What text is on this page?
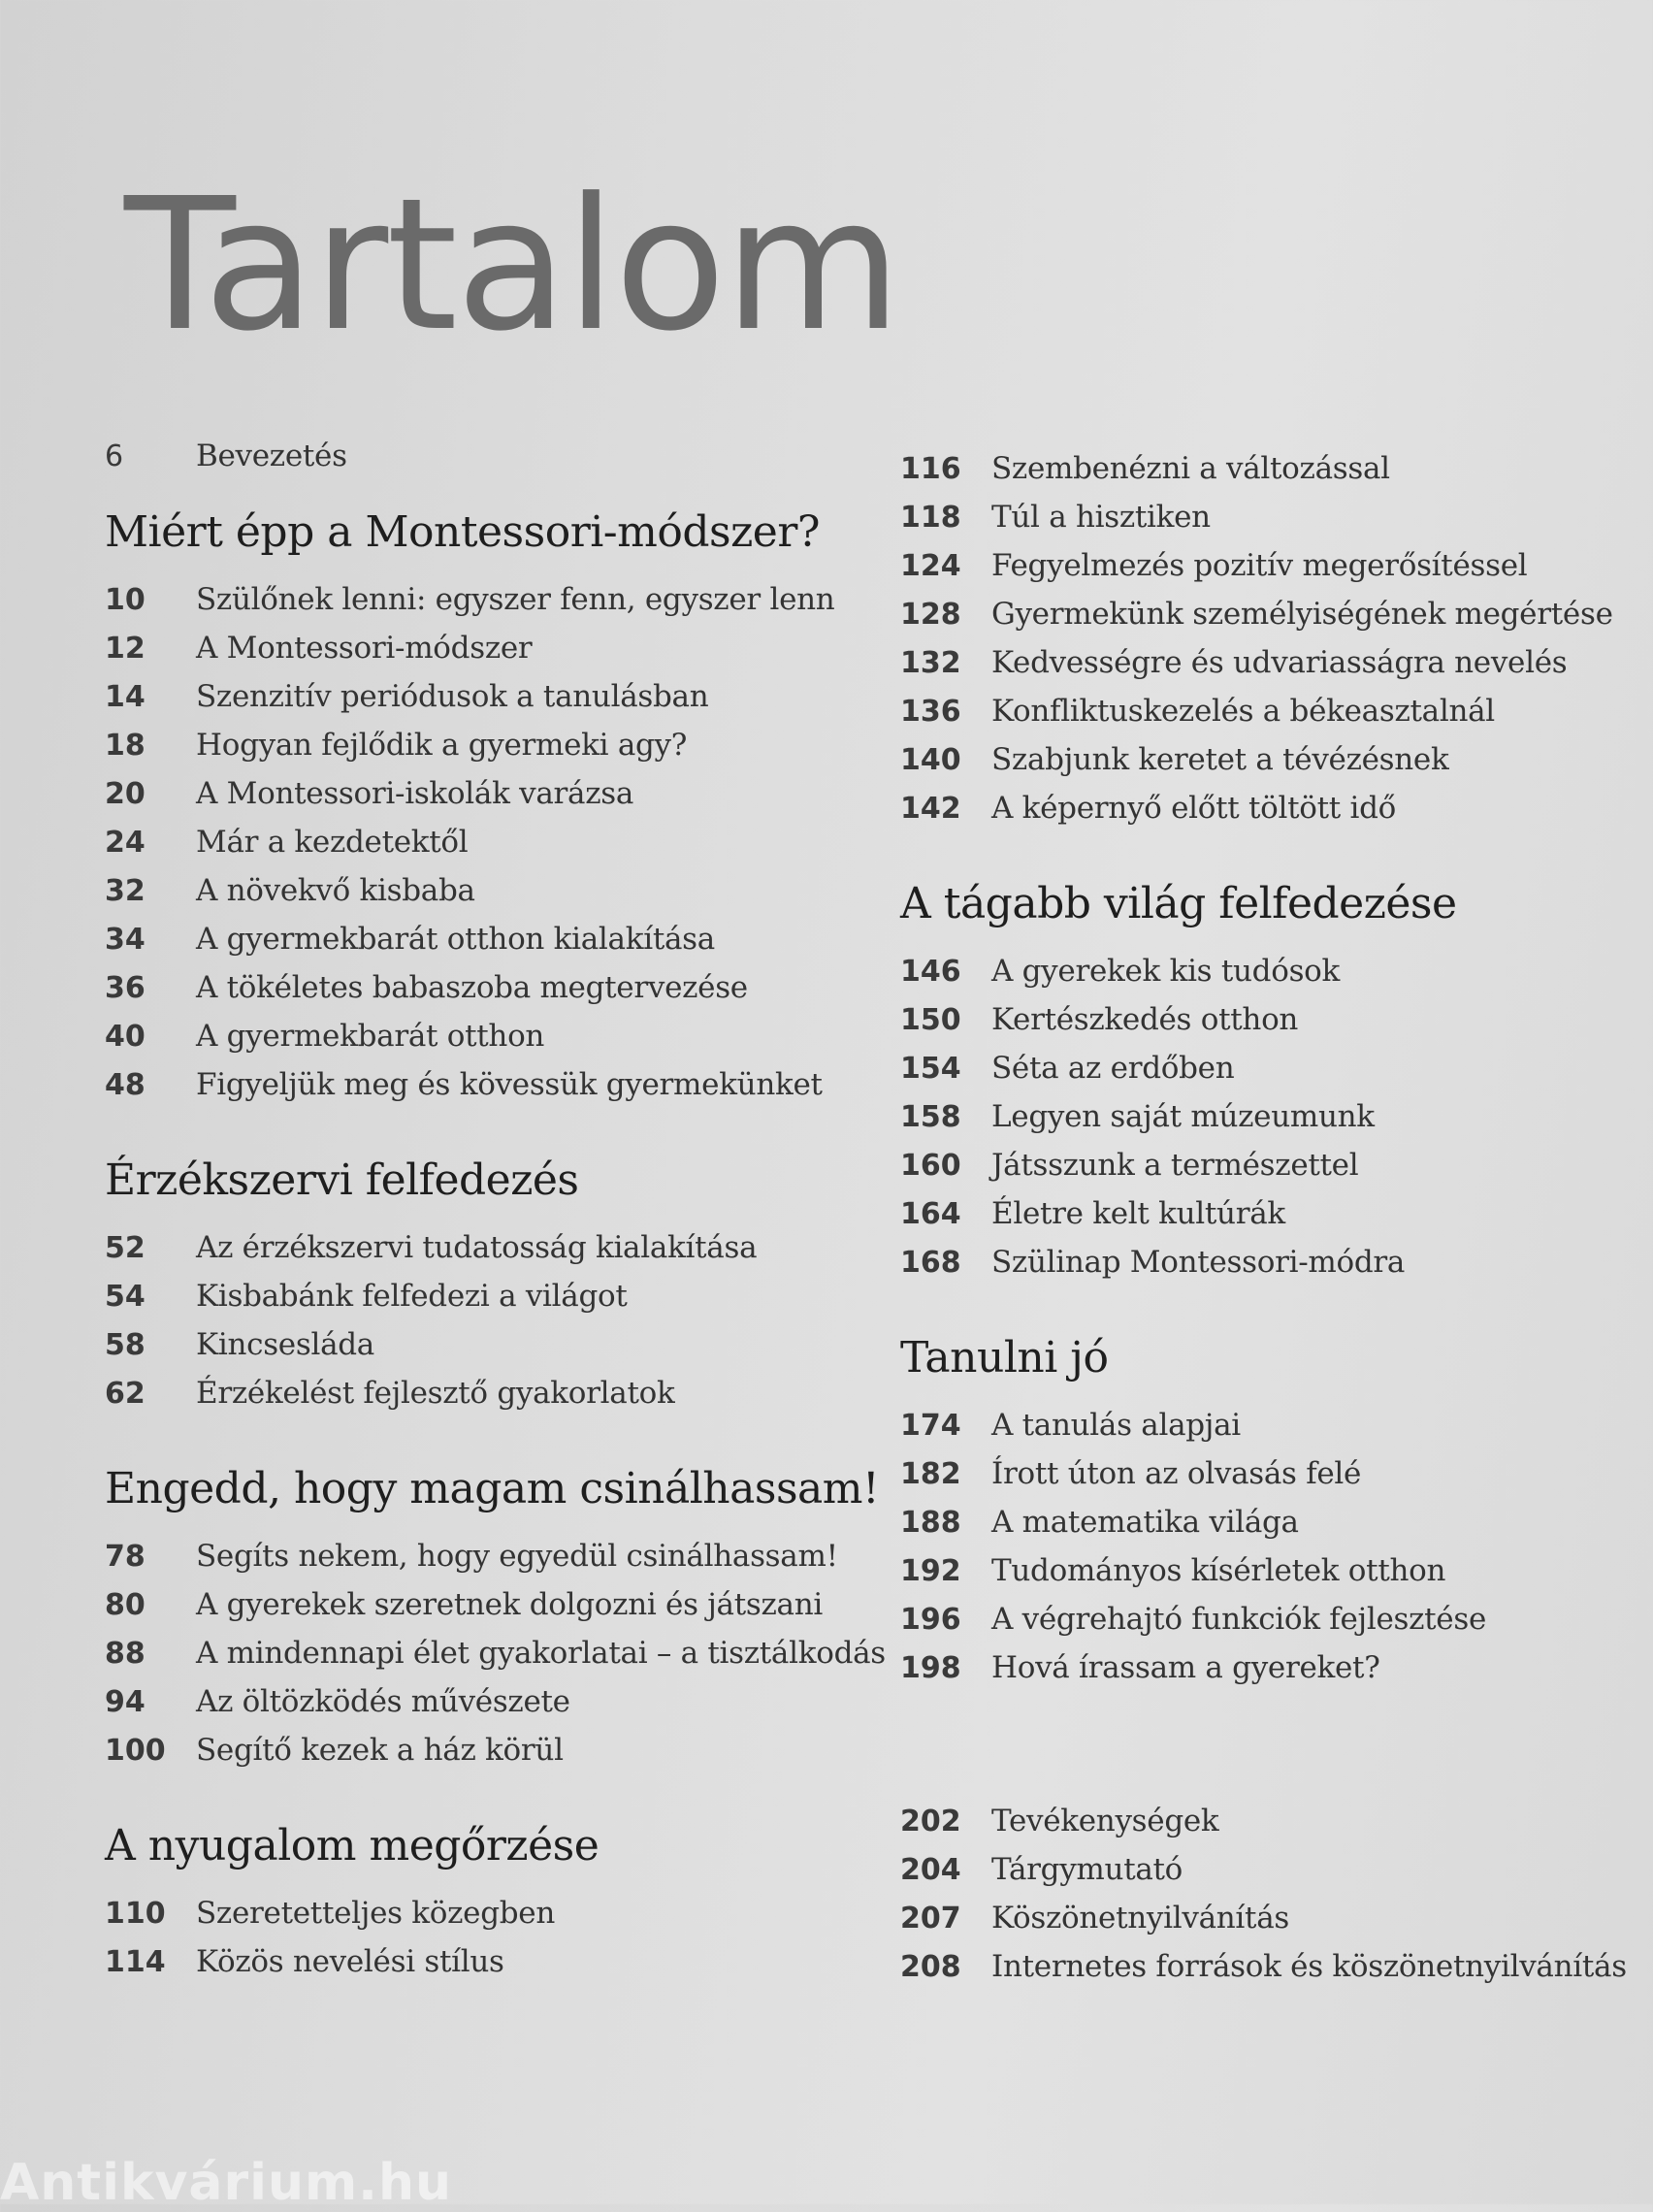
Tartalom
6	Bevezetés
Miért épp a Montessori-módszer?
10	Szülőnek lenni: egyszer fenn, egyszer lenn
12	A Montessori-módszer
14	Szenzitív periódusok a tanulásban
18	Hogyan fejlődik a gyermeki agy?
20	A Montessori-iskolák varázsa
24	Már a kezdetektől
32	A növekvő kisbaba
34	A gyermekbarát otthon kialakítása
36	A tökéletes babaszoba megtervezése
40	A gyermekbarát otthon
48	Figyeljük meg és kövessük gyermekünket
Érzékszervi felfedezés
52	Az érzékszervi tudatosság kialakítása
54	Kisbabánk felfedezi a világot
58	Kincsesláda
62	Érzékelést fejlesztő gyakorlatok
Engedd, hogy magam csinálhassam!
78	Segíts nekem, hogy egyedül csinálhassam!
80	A gyerekek szeretnek dolgozni és játszani
88	A mindennapi élet gyakorlatai – a tisztálkodás
94	Az öltözködés művészete
100	Segítő kezek a ház körül
A nyugalom megőrzése
110	Szeretetteljes közegben
114	Közös nevelési stílus
116	Szembenézni a változással
118	Túl a hisztiken
124	Fegyelmezés pozitív megerősítéssel
128	Gyermekünk személyiségének megértése
132	Kedvességre és udvariasságra nevelés
136	Konfliktuskezelés a békeasztalnál
140	Szabjunk keretet a tévézésnek
142	A képernyő előtt töltött idő
A tágabb világ felfedezése
146	A gyerekek kis tudósok
150	Kertészkedés otthon
154	Séta az erdőben
158	Legyen saját múzeumunk
160	Játsszunk a természettel
164	Életre kelt kultúrák
168	Szülinap Montessori-módra
Tanulni jó
174	A tanulás alapjai
182	Írott úton az olvasás felé
188	A matematika világa
192	Tudományos kísérletek otthon
196	A végrehajtó funkciók fejlesztése
198	Hová írassam a gyereket?
202	Tevékenységek
204	Tárgymutató
207	Köszönetnyilvánítás
208	Internetes források és köszönetnyilvánítás
Antikvárium.hu
